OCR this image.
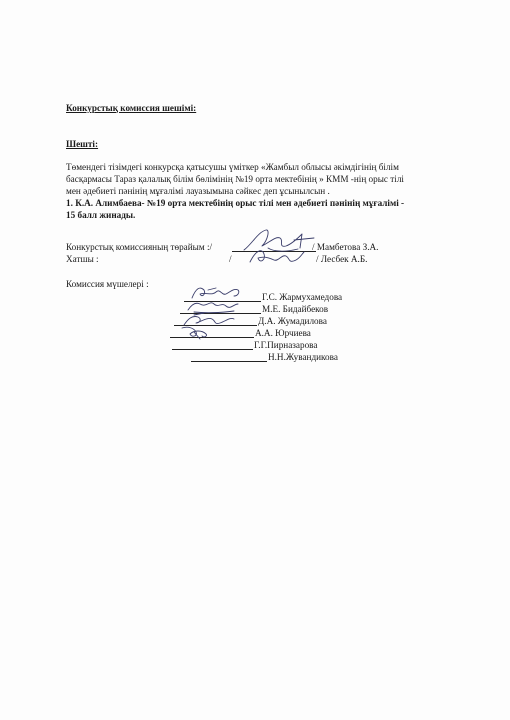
Конкурстық комиссия шешімі:
Шешті:
Төмендегі тізімдегі конкурсқа қатысушы үміткер «Жамбыл облысы әкімдігінің білім
басқармасы Тараз қалалық білім бөлімінің №19 орта мектебінің » КММ -нің орыс тілі
мен әдебиеті пәнінің мұғалімі лауазымына сәйкес деп ұсынылсын .
1. К.А. Алимбаева- №19 орта мектебінің орыс тілі мен әдебиеті пәнінің мұғалімі -
15 балл жинады.
Конкурстық комиссияның төрайым :/	/ Мамбетова З.А.
Хатшы :	/	/ Лесбек А.Б.
Комиссия мүшелері :
Г.С. Жармухамедова
М.Е. Бидайбеков
Д.А. Жумадилова
А.А. Юрчиева
Г.Г.Пирназарова
Н.Н.Жувандикова
